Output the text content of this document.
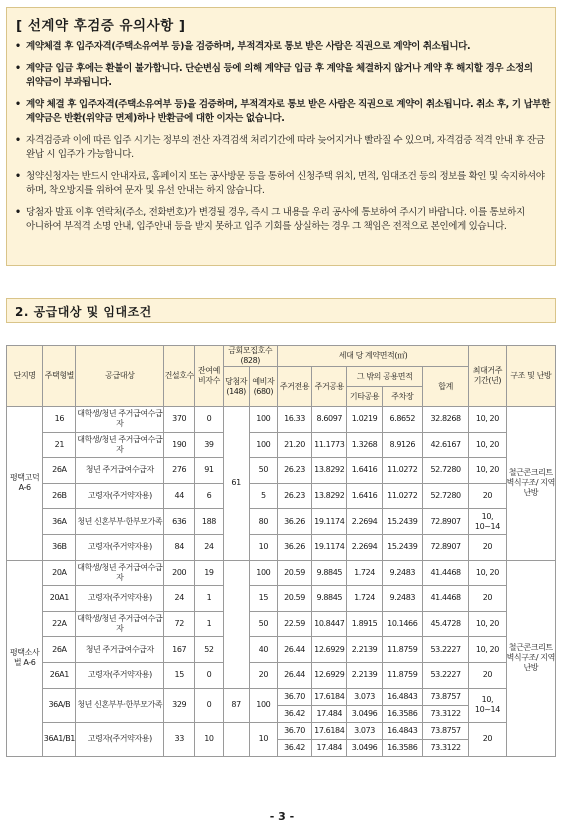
[ 선계약 후검증 유의사항 ]
• 계약체결 후 입주자격(주택소유여부 등)을 검증하며, 부적격자로 통보 받은 사람은 직권으로 계약이 취소됩니다.
• 계약금 입금 후에는 환불이 불가합니다. 단순변심 등에 의해 계약금 입금 후 계약을 체결하지 않거나 계약 후 해지할 경우 소정의 위약금이 부과됩니다.
• 계약 체결 후 입주자격(주택소유여부 등)을 검증하며, 부적격자로 통보 받은 사람은 직권으로 계약이 취소됩니다. 취소 후, 기 납부한 계약금은 반환(위약금 면제)하나 반환금에 대한 이자는 없습니다.
• 자격검증과 이에 따른 입주 시기는 정부의 전산 자격검색 처리기간에 따라 늦어지거나 빨라질 수 있으며, 자격검증 적격 안내 후 잔금 완납 시 입주가 가능합니다.
• 청약신청자는 반드시 안내자료, 홈페이지 또는 공사방문 등을 통하여 신청주택 위치, 면적, 임대조건 등의 정보를 확인 및 숙지하셔야 하며, 착오방지를 위하여 문자 및 유선 안내는 하지 않습니다.
• 당첨자 발표 이후 연락처(주소, 전화번호)가 변경될 경우, 즉시 그 내용을 우리 공사에 통보하여 주시기 바랍니다. 이를 통보하지 아니하여 부적격 소명 안내, 입주안내 등을 받지 못하고 입주 기회를 상실하는 경우 그 책임은 전적으로 본인에게 있습니다.
2. 공급대상 및 임대조건
단지명	주택형별	공급대상	건설호수	잔여예비자수	금회모집호수 (828)		세대 당 계약면적(㎡)					최대거주기간(년)	구조 및 난방
					당첨자 (148)	예비자 (680)	주거전용	주거공용	그 밖의 공용면적		합계		
									기타공용	주차장			
평택고덕 A-6	16	대학생/청년 주거급여수급자	370	0	61	100	16.33	8.6097	1.0219	6.8652	32.8268	10, 20	철근콘크리트 벽식구조/ 지역난방
	21	대학생/청년 주거급여수급자	190	39		100	21.20	11.1773	1.3268	8.9126	42.6167	10, 20	
	26A	청년 주거급여수급자	276	91		50	26.23	13.8292	1.6416	11.0272	52.7280	10, 20	
	26B	고령자(주거약자용)	44	6		5	26.23	13.8292	1.6416	11.0272	52.7280	20	
	36A	청년 신혼부부·한부모가족	636	188		80	36.26	19.1174	2.2694	15.2439	72.8907	10, 10~14	
	36B	고령자(주거약자용)	84	24		10	36.26	19.1174	2.2694	15.2439	72.8907	20	
평택소사벌 A-6	20A	대학생/청년 주거급여수급자	200	19		100	20.59	9.8845	1.724	9.2483	41.4468	10, 20	철근콘크리트 벽식구조/ 지역난방
	20A1	고령자(주거약자용)	24	1		15	20.59	9.8845	1.724	9.2483	41.4468	20	
	22A	대학생/청년 주거급여수급자	72	1		50	22.59	10.8447	1.8915	10.1466	45.4728	10, 20	
	26A	청년 주거급여수급자	167	52		40	26.44	12.6929	2.2139	11.8759	53.2227	10, 20	
	26A1	고령자(주거약자용)	15	0		20	26.44	12.6929	2.2139	11.8759	53.2227	20	
	36A/B	청년 신혼부부·한부모가족	329	0	87	100	36.70	17.6184	3.073	16.4843	73.8757	10, 10~14	
							36.42	17.484	3.0496	16.3586	73.3122		
	36A1/B1	고령자(주거약자용)	33	10		10	36.70	17.6184	3.073	16.4843	73.8757	20	
							36.42	17.484	3.0496	16.3586	73.3122		
- 3 -
